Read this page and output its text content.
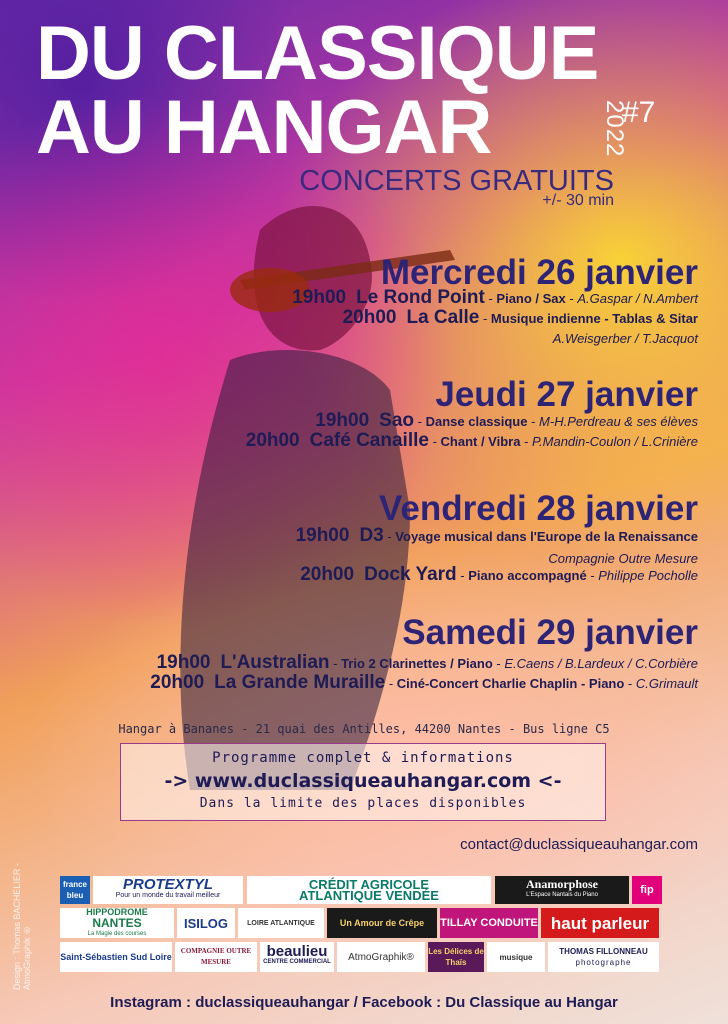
DU CLASSIQUE
AU HANGAR	2022
#7
CONCERTS GRATUITS
+/- 30 min
Mercredi 26 janvier
19h00 Le Rond Point - Piano / Sax - A.Gaspar / N.Ambert
20h00 La Calle - Musique indienne - Tablas & Sitar
A.Weisgerber / T.Jacquot
Jeudi 27 janvier
19h00 Sao - Danse classique - M-H.Perdreau & ses élèves
20h00 Café Canaille - Chant / Vibra - P.Mandin-Coulon / L.Crinière
Vendredi 28 janvier
19h00 D3 - Voyage musical dans l'Europe de la Renaissance
Compagnie Outre Mesure
20h00 Dock Yard - Piano accompagné - Philippe Pocholle
Samedi 29 janvier
19h00 L'Australian - Trio 2 Clarinettes / Piano - E.Caens / B.Lardeux / C.Corbière
20h00 La Grande Muraille - Ciné-Concert Charlie Chaplin - Piano - C.Grimault
Hangar à Bananes - 21 quai des Antilles, 44200 Nantes - Bus ligne C5
Programme complet & informations
-> www.duclassiqueauhangar.com <-
Dans la limite des places disponibles
contact@duclassiqueauhangar.com
Design : Thomas BACHELIER - AtmoGraphik ®
france bleu
PROTEXTYL
Pour un monde du travail meilleur
CRÉDIT AGRICOLE
ATLANTIQUE VENDÉE
Anamorphose
L'Espace Nantais du Piano	fip
HIPPODROME
NANTES
La Magie des courses
ISILOG	LOIRE ATLANTIQUE	Un Amour de Crêpe	TILLAY CONDUITE haut parleur
Saint-Sébastien Sud Loire
COMPAGNIE OUTRE MESURE
beaulieu
CENTRE COMMERCIAL	AtmoGraphik®	Les Délices de Thaïs
musique
THOMAS FILLONNEAU
photographe
Instagram : duclassiqueauhangar / Facebook : Du Classique au Hangar
